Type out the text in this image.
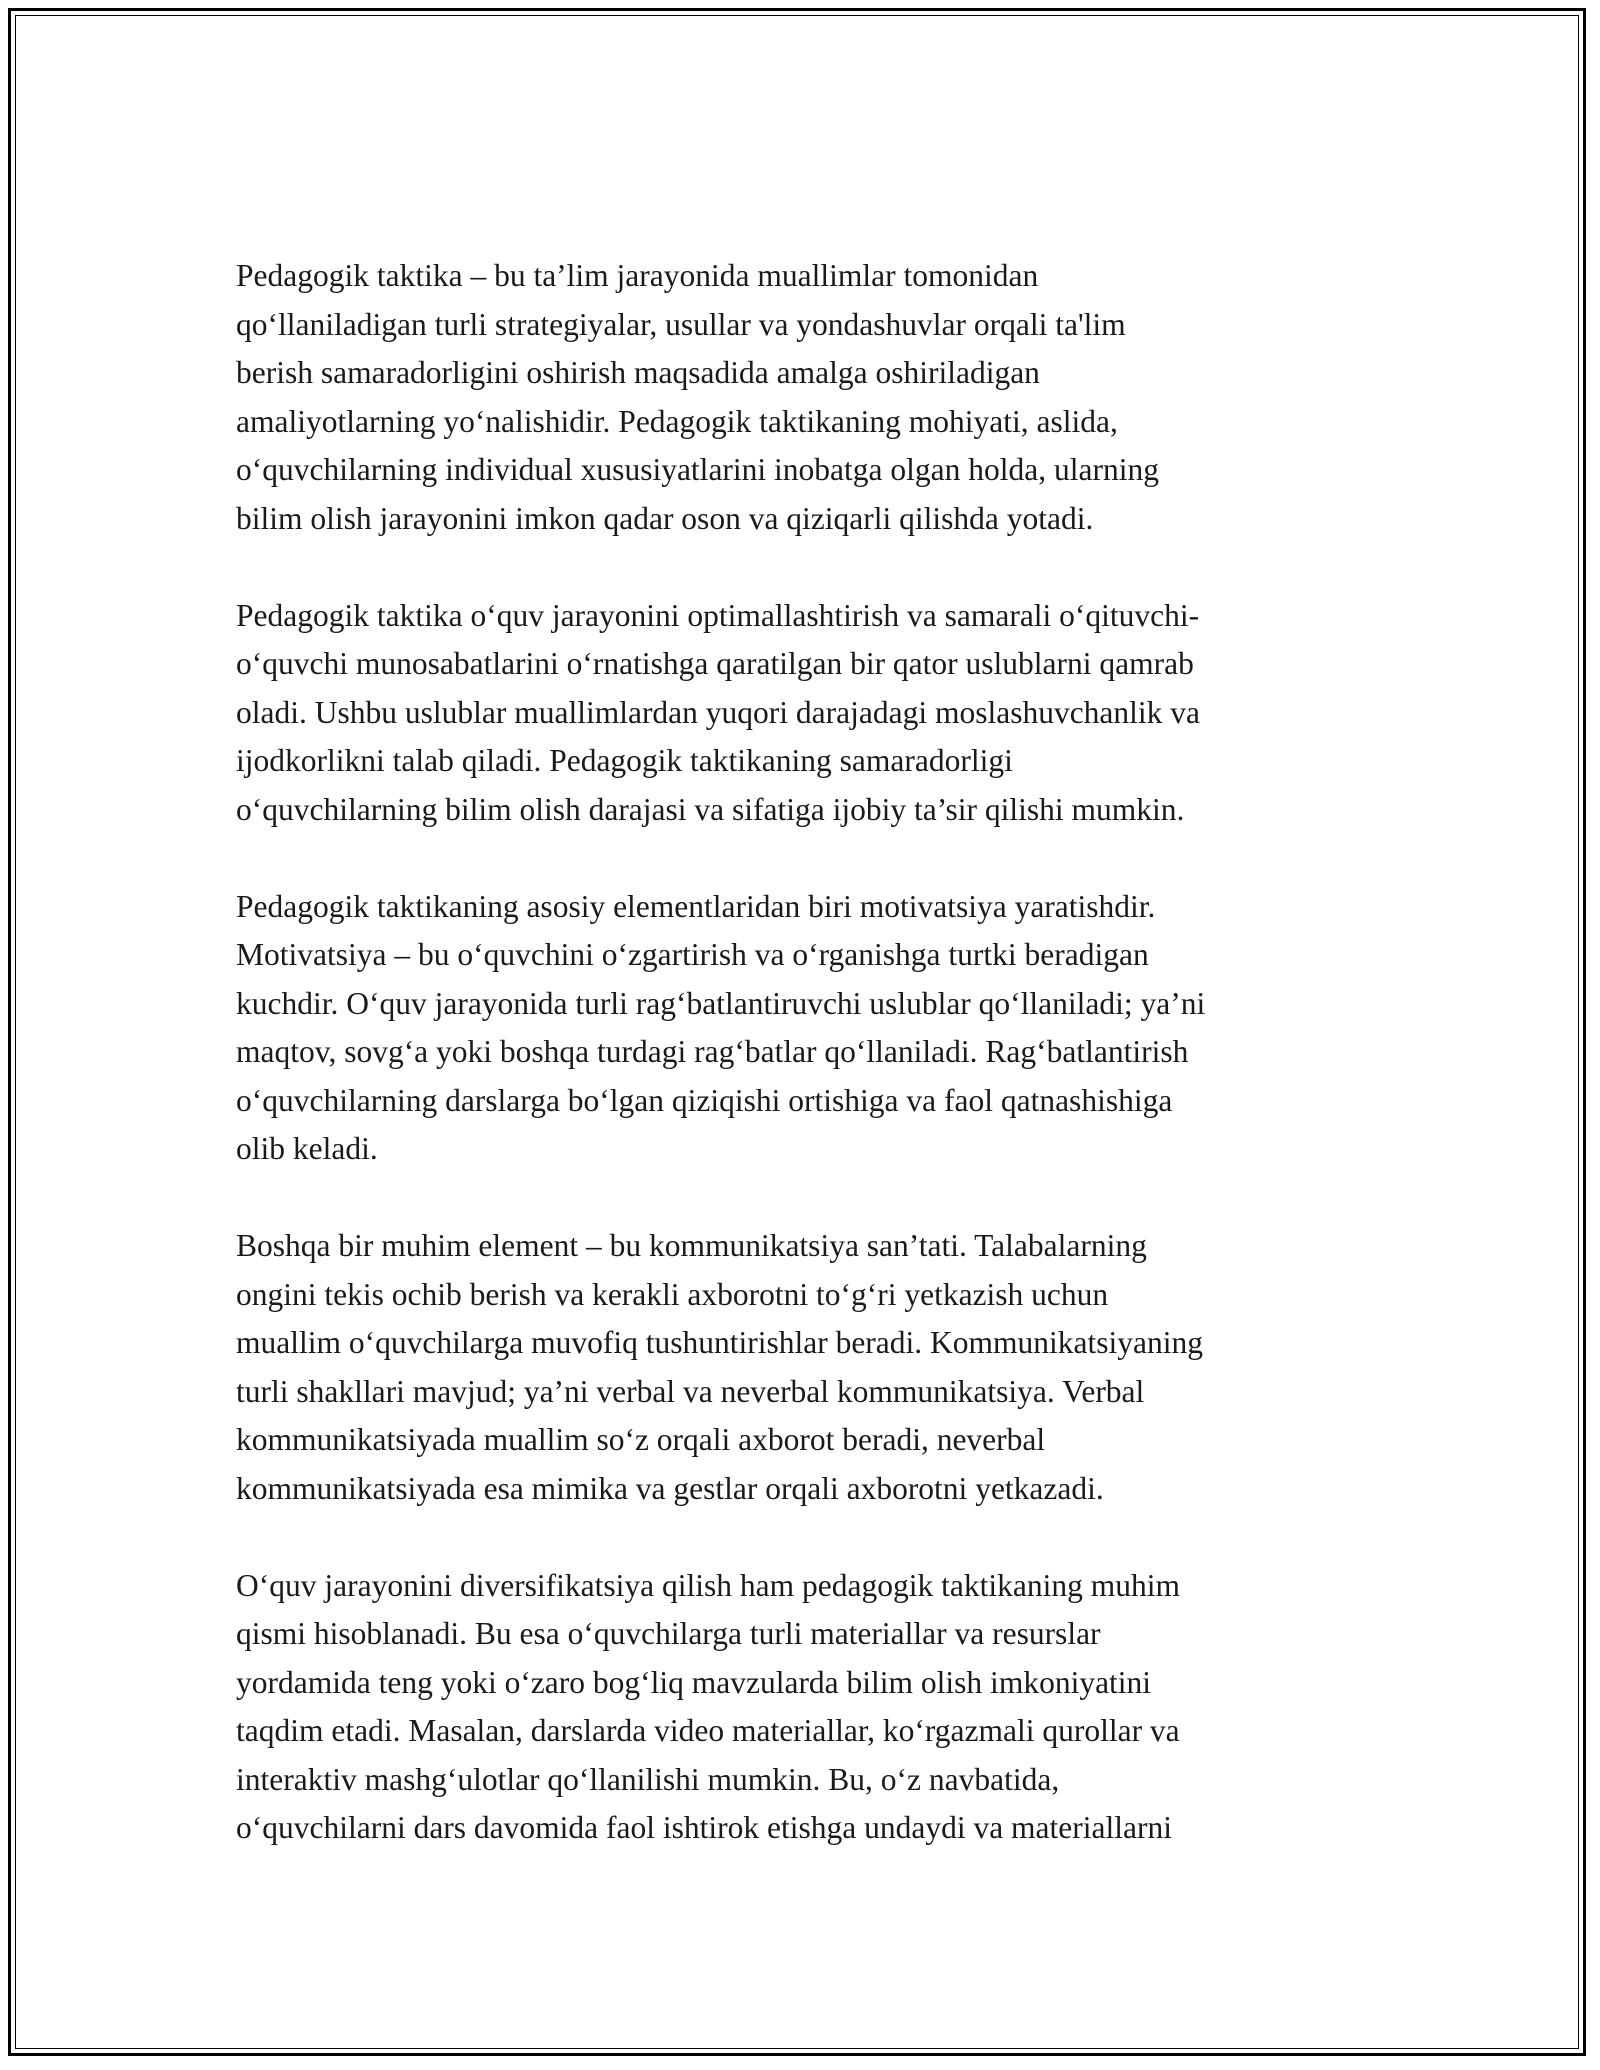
Pedagogik taktika – bu ta’lim jarayonida muallimlar tomonidan
qo‘llaniladigan turli strategiyalar, usullar va yondashuvlar orqali ta'lim
berish samaradorligini oshirish maqsadida amalga oshiriladigan
amaliyotlarning yo‘nalishidir. Pedagogik taktikaning mohiyati, aslida,
o‘quvchilarning individual xususiyatlarini inobatga olgan holda, ularning
bilim olish jarayonini imkon qadar oson va qiziqarli qilishda yotadi.

Pedagogik taktika o‘quv jarayonini optimallashtirish va samarali o‘qituvchi-
o‘quvchi munosabatlarini o‘rnatishga qaratilgan bir qator uslublarni qamrab
oladi. Ushbu uslublar muallimlardan yuqori darajadagi moslashuvchanlik va
ijodkorlikni talab qiladi. Pedagogik taktikaning samaradorligi
o‘quvchilarning bilim olish darajasi va sifatiga ijobiy ta’sir qilishi mumkin.

Pedagogik taktikaning asosiy elementlaridan biri motivatsiya yaratishdir.
Motivatsiya – bu o‘quvchini o‘zgartirish va o‘rganishga turtki beradigan
kuchdir. O‘quv jarayonida turli rag‘batlantiruvchi uslublar qo‘llaniladi; ya’ni
maqtov, sovg‘a yoki boshqa turdagi rag‘batlar qo‘llaniladi. Rag‘batlantirish
o‘quvchilarning darslarga bo‘lgan qiziqishi ortishiga va faol qatnashishiga
olib keladi.

Boshqa bir muhim element – bu kommunikatsiya san’tati. Talabalarning
ongini tekis ochib berish va kerakli axborotni to‘g‘ri yetkazish uchun
muallim o‘quvchilarga muvofiq tushuntirishlar beradi. Kommunikatsiyaning
turli shakllari mavjud; ya’ni verbal va neverbal kommunikatsiya. Verbal
kommunikatsiyada muallim so‘z orqali axborot beradi, neverbal
kommunikatsiyada esa mimika va gestlar orqali axborotni yetkazadi.

O‘quv jarayonini diversifikatsiya qilish ham pedagogik taktikaning muhim
qismi hisoblanadi. Bu esa o‘quvchilarga turli materiallar va resurslar
yordamida teng yoki o‘zaro bog‘liq mavzularda bilim olish imkoniyatini
taqdim etadi. Masalan, darslarda video materiallar, ko‘rgazmali qurollar va
interaktiv mashg‘ulotlar qo‘llanilishi mumkin. Bu, o‘z navbatida,
o‘quvchilarni dars davomida faol ishtirok etishga undaydi va materiallarni
